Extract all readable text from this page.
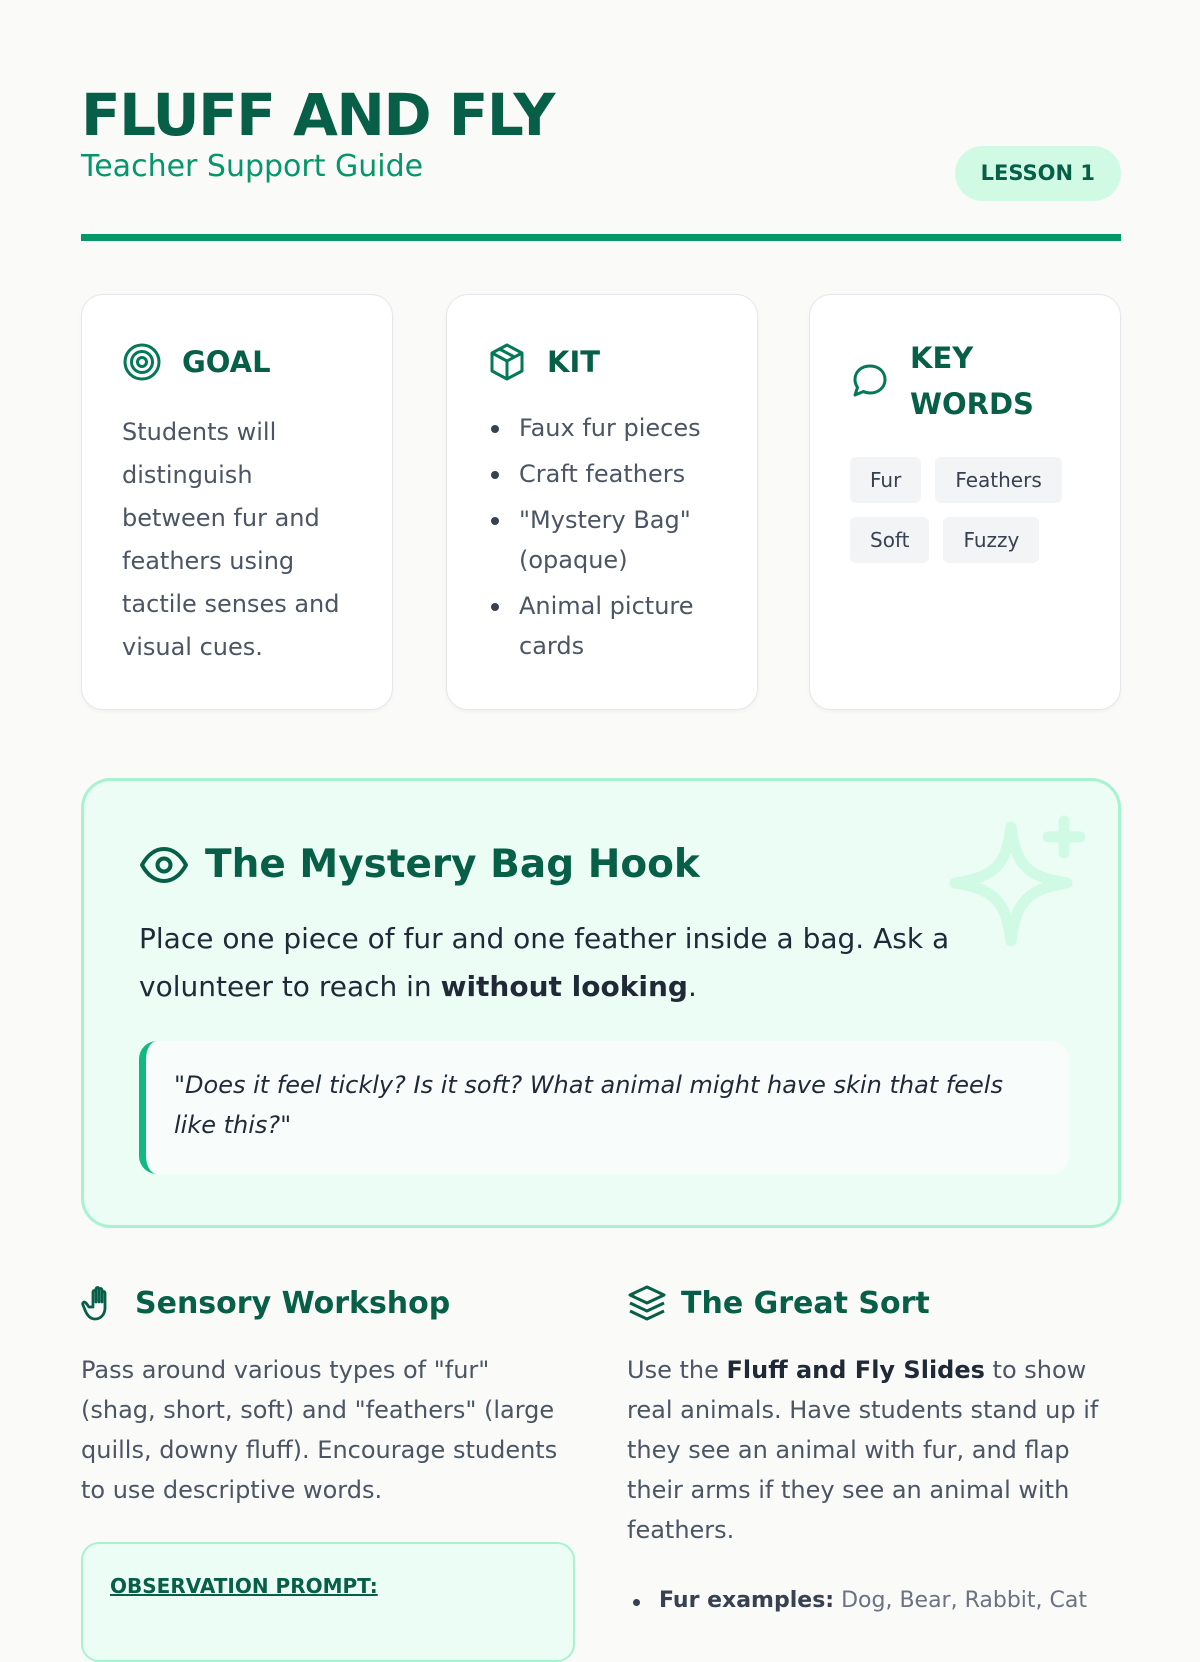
FLUFF AND FLY
Teacher Support Guide	LESSON 1
GOAL
Students will distinguish between fur and feathers using tactile senses and visual cues.
KIT
Faux fur pieces
Craft feathers
"Mystery Bag" (opaque)
Animal picture cards
KEY WORDS
Fur	Feathers
Soft	Fuzzy
The Mystery Bag Hook
Place one piece of fur and one feather inside a bag. Ask a volunteer to reach in without looking.
"Does it feel tickly? Is it soft? What animal might have skin that feels like this?"
Sensory Workshop
Pass around various types of "fur" (shag, short, soft) and "feathers" (large quills, downy fluff). Encourage students to use descriptive words.
OBSERVATION PROMPT:
The Great Sort
Use the Fluff and Fly Slides to show real animals. Have students stand up if they see an animal with fur, and flap their arms if they see an animal with feathers.
Fur examples: Dog, Bear, Rabbit, Cat
